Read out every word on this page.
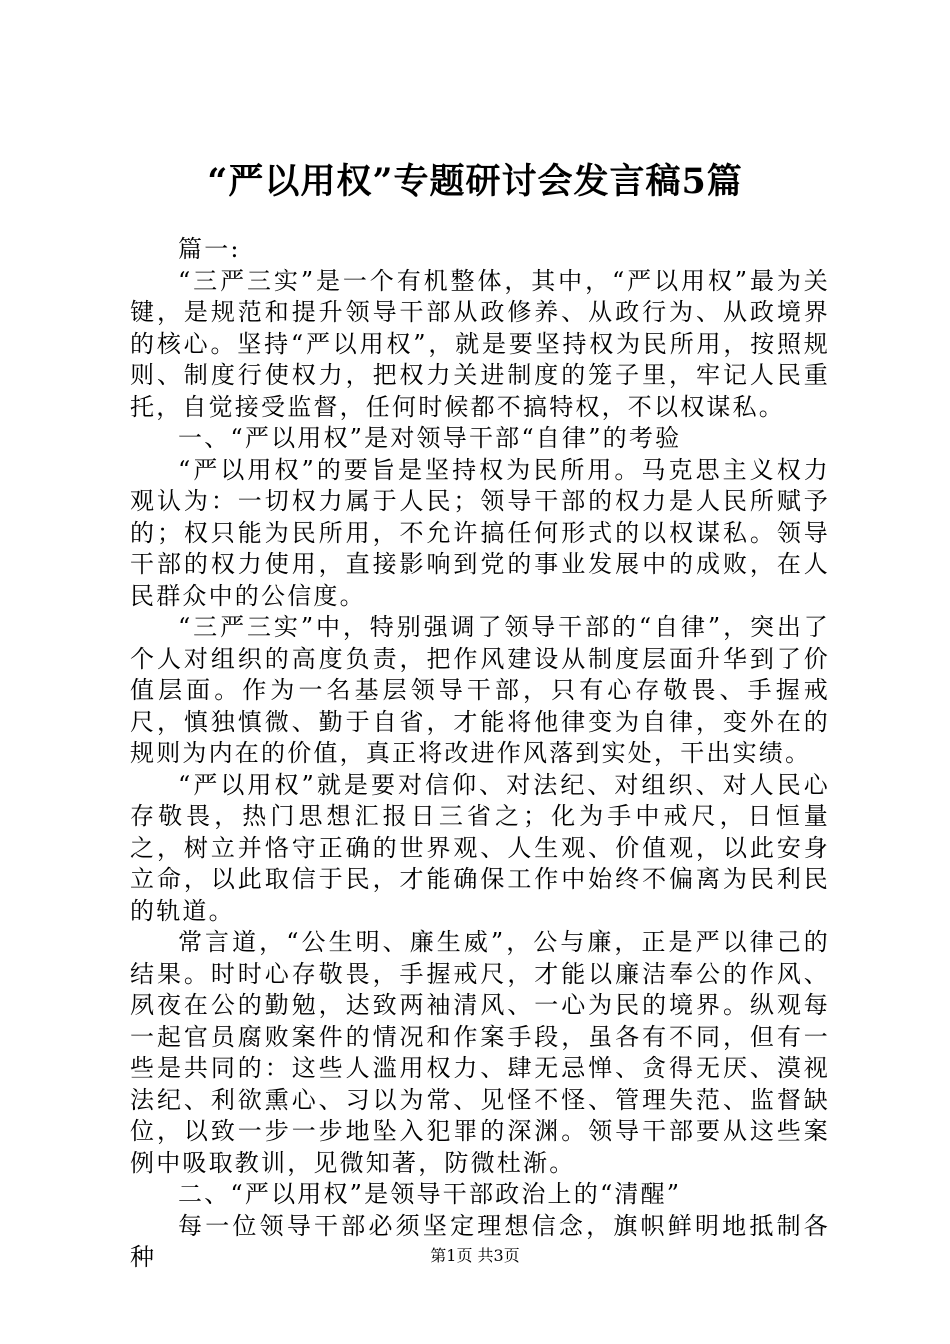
“严以用权”专题研讨会发言稿5篇

篇一:

“三严三实”是一个有机整体，其中，“严以用权”最为关键，是规范和提升领导干部从政修养、从政行为、从政境界的核心。坚持“严以用权”，就是要坚持权为民所用，按照规则、制度行使权力，把权力关进制度的笼子里，牢记人民重托，自觉接受监督，任何时候都不搞特权，不以权谋私。

一、“严以用权”是对领导干部“自律”的考验

“严以用权”的要旨是坚持权为民所用。马克思主义权力观认为：一切权力属于人民；领导干部的权力是人民所赋予的；权只能为民所用，不允许搞任何形式的以权谋私。领导干部的权力使用，直接影响到党的事业发展中的成败，在人民群众中的公信度。

“三严三实”中，特别强调了领导干部的“自律”，突出了个人对组织的高度负责，把作风建设从制度层面升华到了价值层面。作为一名基层领导干部，只有心存敬畏、手握戒尺，慎独慎微、勤于自省，才能将他律变为自律，变外在的规则为内在的价值，真正将改进作风落到实处，干出实绩。

“严以用权”就是要对信仰、对法纪、对组织、对人民心存敬畏，热门思想汇报日三省之；化为手中戒尺，日恒量之，树立并恪守正确的世界观、人生观、价值观，以此安身立命，以此取信于民，才能确保工作中始终不偏离为民利民的轨道。

常言道，“公生明、廉生威”，公与廉，正是严以律己的结果。时时心存敬畏，手握戒尺，才能以廉洁奉公的作风、夙夜在公的勤勉，达致两袖清风、一心为民的境界。纵观每一起官员腐败案件的情况和作案手段，虽各有不同，但有一些是共同的：这些人滥用权力、肆无忌惮、贪得无厌、漠视法纪、利欲熏心、习以为常、见怪不怪、管理失范、监督缺位，以致一步一步地坠入犯罪的深渊。领导干部要从这些案例中吸取教训，见微知著，防微杜渐。

二、“严以用权”是领导干部政治上的“清醒”

每一位领导干部必须坚定理想信念，旗帜鲜明地抵制各种	第1页 共3页
